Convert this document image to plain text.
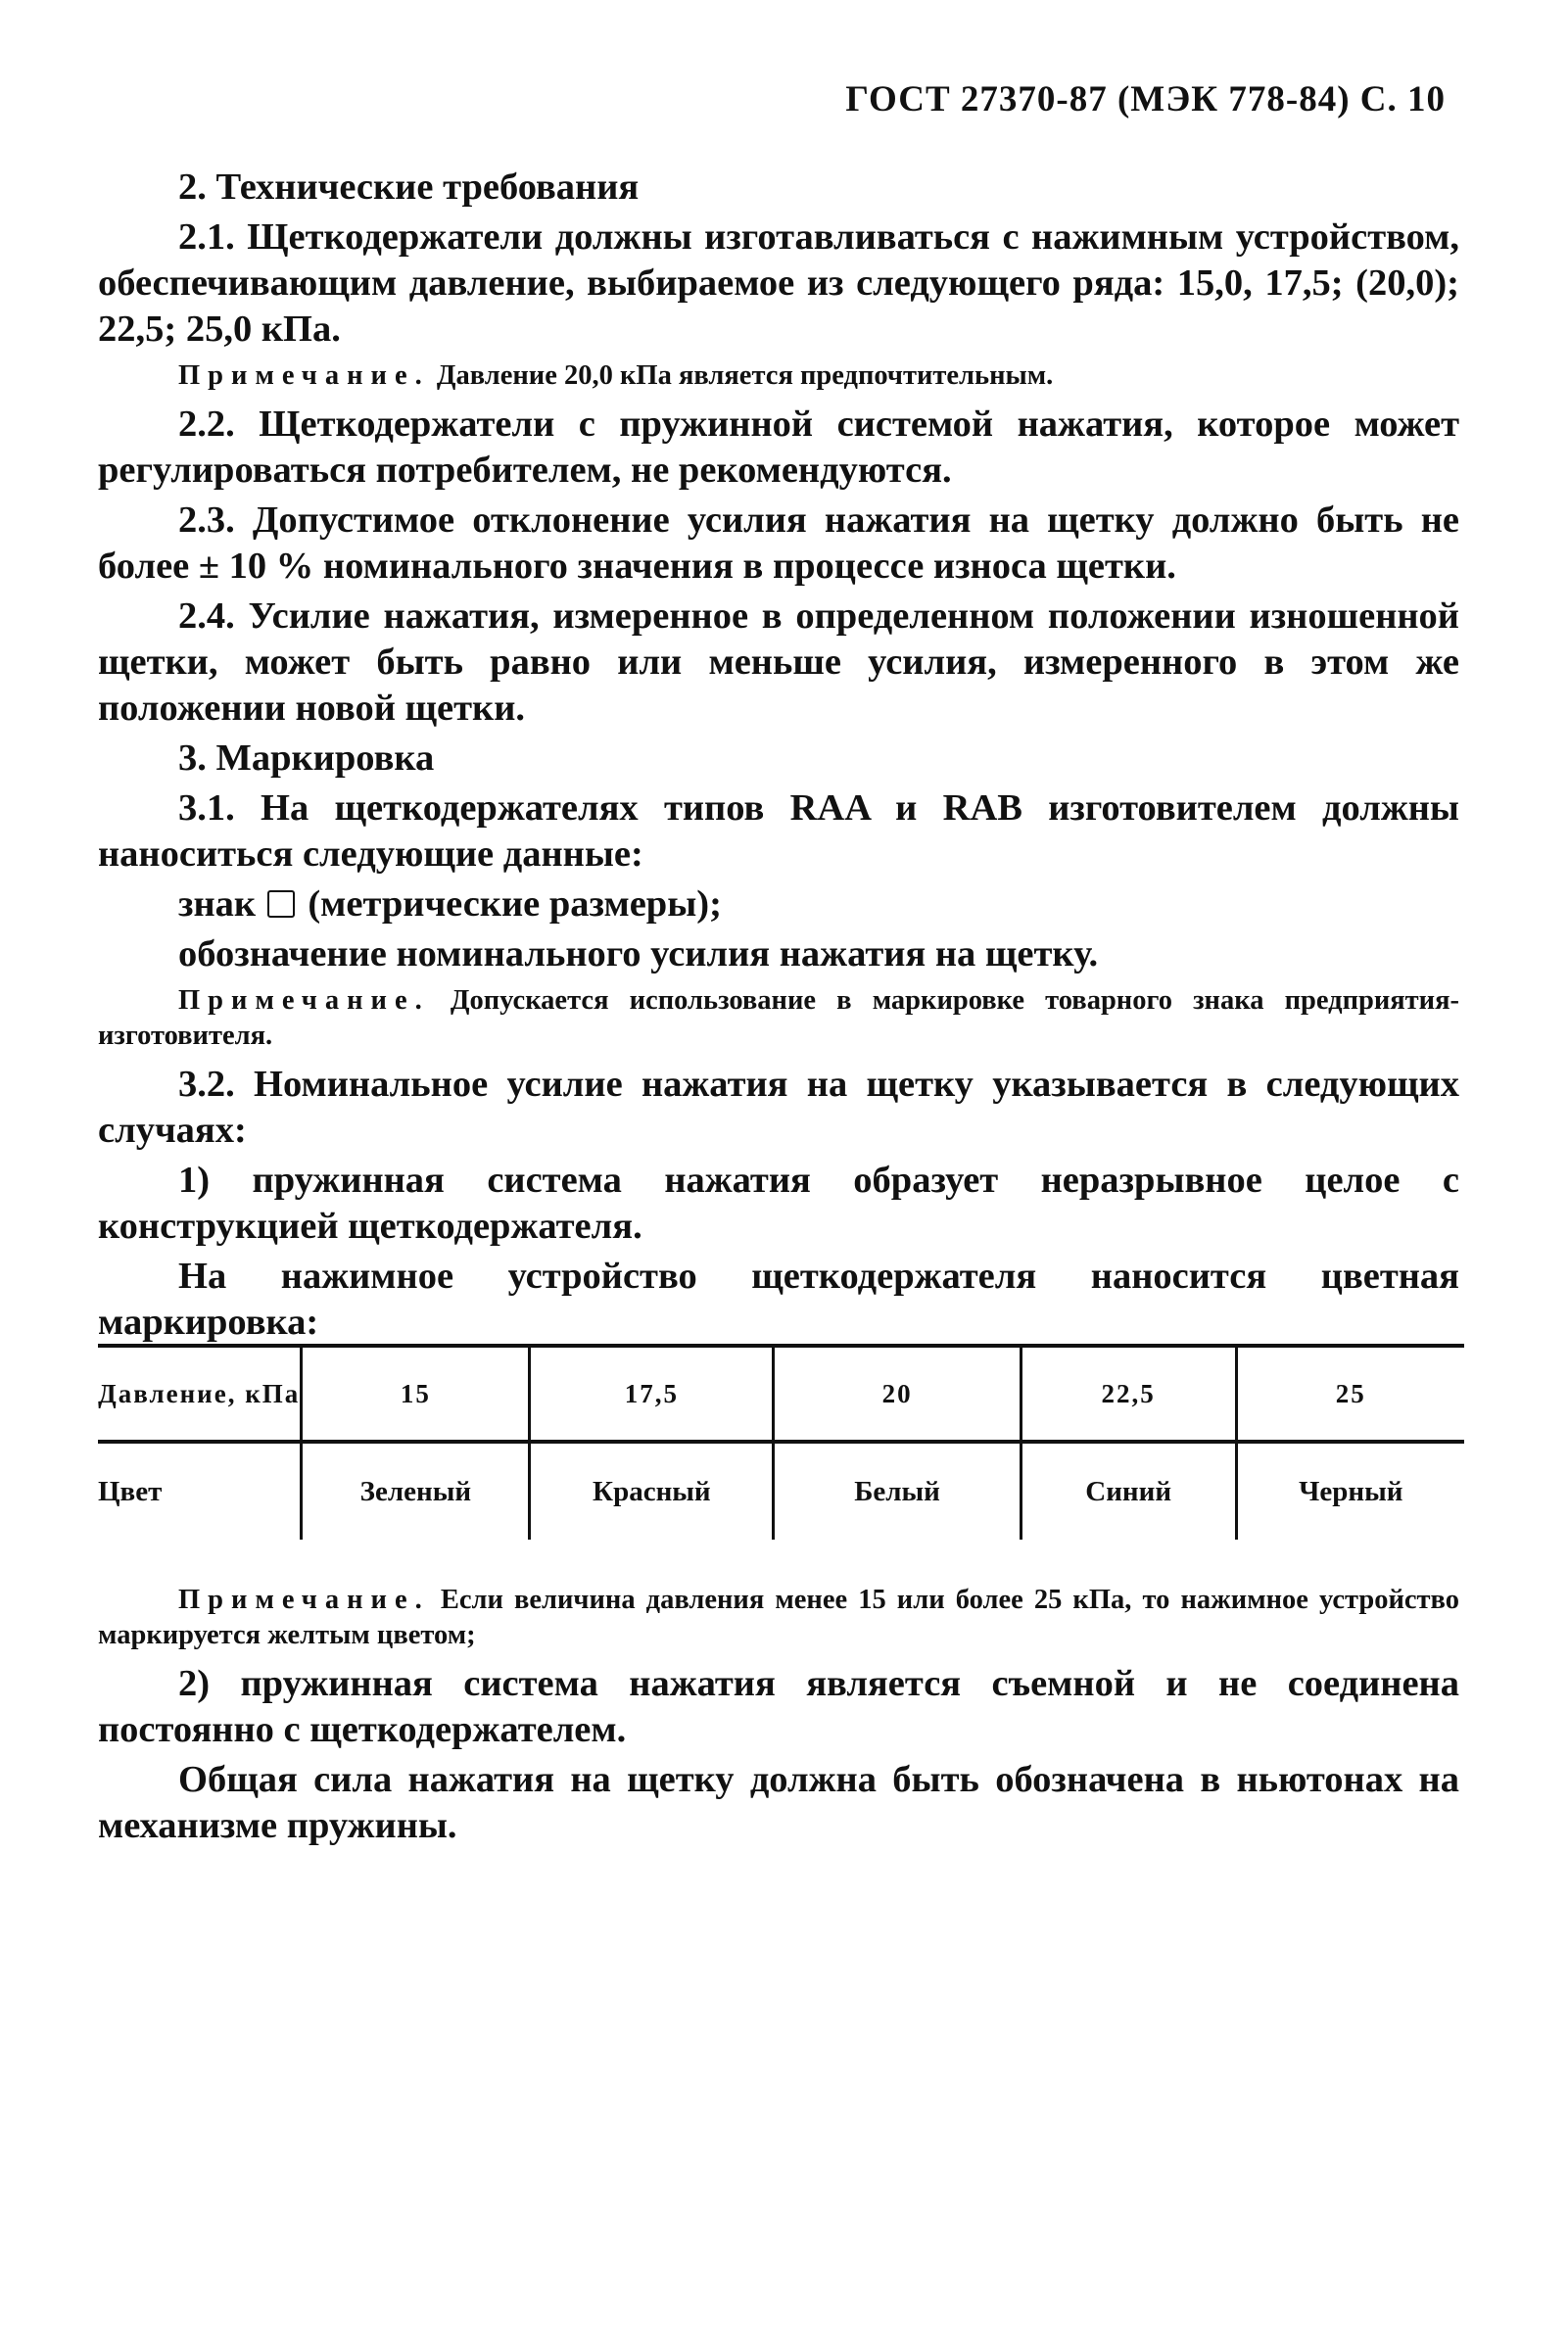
ГОСТ 27370-87 (МЭК 778-84) С. 10

2. Технические требования

2.1. Щеткодержатели должны изготавливаться с нажимным устройством, обеспечивающим давление, выбираемое из следующего ряда: 15,0, 17,5; (20,0); 22,5; 25,0 кПа.

Примечание. Давление 20,0 кПа является предпочтительным.

2.2. Щеткодержатели с пружинной системой нажатия, которое может регулироваться потребителем, не рекомендуются.

2.3. Допустимое отклонение усилия нажатия на щетку должно быть не более ± 10 % номинального значения в процессе износа щетки.

2.4. Усилие нажатия, измеренное в определенном положении изношенной щетки, может быть равно или меньше усилия, измеренного в этом же положении новой щетки.

3. Маркировка

3.1. На щеткодержателях типов RAA и RAB изготовителем должны наноситься следующие данные:

знак (метрические размеры);

обозначение номинального усилия нажатия на щетку.

Примечание. Допускается использование в маркировке товарного знака предприятия-изготовителя.

3.2. Номинальное усилие нажатия на щетку указывается в следующих случаях:

1) пружинная система нажатия образует неразрывное целое с конструкцией щеткодержателя.

На нажимное устройство щеткодержателя наносится цветная маркировка:

Давление, кПа	15	17,5	20	22,5	25
Цвет	Зеленый	Красный	Белый	Синий	Черный

Примечание. Если величина давления менее 15 или более 25 кПа, то нажимное устройство маркируется желтым цветом;

2) пружинная система нажатия является съемной и не соединена постоянно с щеткодержателем.

Общая сила нажатия на щетку должна быть обозначена в ньютонах на механизме пружины.
